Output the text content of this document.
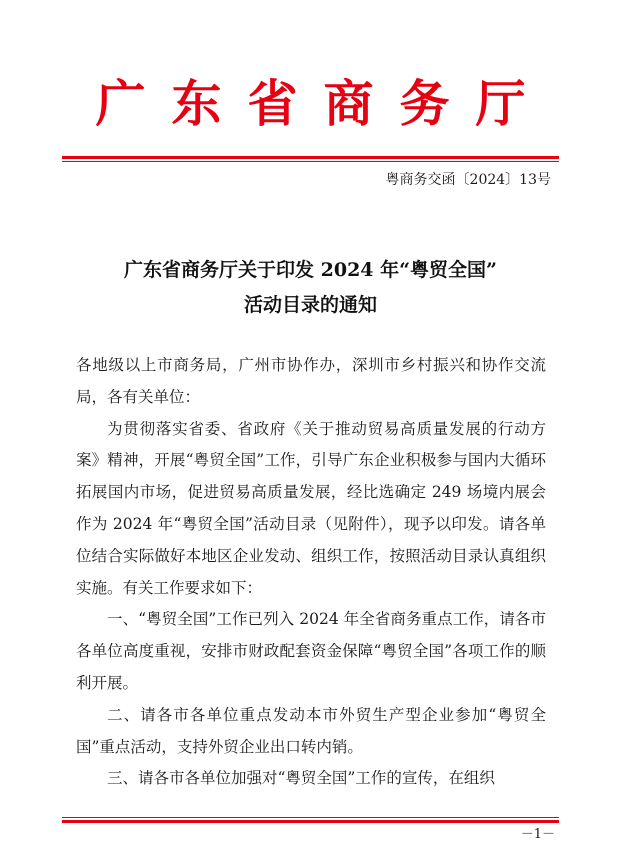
广东省商务厅
粤商务交函〔2024〕13号
广东省商务厅关于印发 2024 年“粤贸全国”
活动目录的通知

各地级以上市商务局，广州市协作办，深圳市乡村振兴和协作交流局，各有关单位：

为贯彻落实省委、省政府《关于推动贸易高质量发展的行动方案》精神，开展“粤贸全国”工作，引导广东企业积极参与国内大循环拓展国内市场，促进贸易高质量发展，经比选确定 249 场境内展会作为 2024 年“粤贸全国”活动目录（见附件），现予以印发。请各单位结合实际做好本地区企业发动、组织工作，按照活动目录认真组织实施。有关工作要求如下：

一、“粤贸全国”工作已列入 2024 年全省商务重点工作，请各市各单位高度重视，安排市财政配套资金保障“粤贸全国”各项工作的顺利开展。

二、请各市各单位重点发动本市外贸生产型企业参加“粤贸全国”重点活动，支持外贸企业出口转内销。

三、请各市各单位加强对“粤贸全国”工作的宣传，在组织

－1－
